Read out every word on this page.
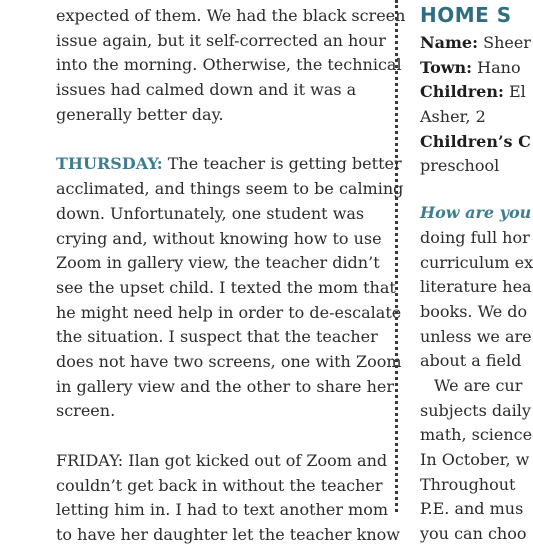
expected of them. We had the black screen
issue again, but it self-corrected an hour
into the morning. Otherwise, the technical
issues had calmed down and it was a
generally better day.
THURSDAY: The teacher is getting better
acclimated, and things seem to be calming
down. Unfortunately, one student was
crying and, without knowing how to use
Zoom in gallery view, the teacher didn’t
see the upset child. I texted the mom that
he might need help in order to de-escalate
the situation. I suspect that the teacher
does not have two screens, one with Zoom
in gallery view and the other to share her
screen.
FRIDAY: Ilan got kicked out of Zoom and
couldn’t get back in without the teacher
letting him in. I had to text another mom
to have her daughter let the teacher know
HOME S
Name: Sheer
Town: Hano
Children: El
Asher, 2
Children’s C
preschool
How are you
doing full hor
curriculum ex
literature hea
books. We do
unless we are
about a field
We are cur
subjects daily
math, science
In October, w
Throughout
P.E. and mus
you can choo
